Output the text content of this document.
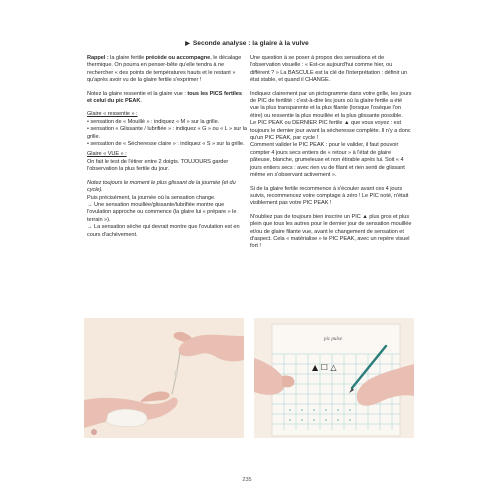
▶ Seconde analyse : la glaire à la vulve

Rappel : la glaire fertile précède ou accompagne, le décalage thermique. On pourra en penser-bête qu'elle tendra à ne rechercher « des points de températures hauts et le restant » qu'après avoir vu de la glaire fertile s'exprimer !

Notez la glaire ressentie et la glaire vue : tous les PICS fertiles et celui du pic PEAK.

Glaire « ressentie » :
• sensation de « Mouillé » : indiquez « M » sur la grille.
• sensation « Glissante / lubrifiée » : indiquez « G » ou « L » sur la grille.
• sensation de « Sécheresse claire » : indiquez « S » sur la grille.

Glaire « VUE » :
On fait le test de l'étirer entre 2 doigts. TOUJOURS garder l'observation la plus fertile du jour.

Notez toujours le moment le plus glissant de la journée (et du cycle).
Puis précisément, la journée où la sensation change.
→ Une sensation mouillée/glissante/lubrifiée montre que l'ovulation approche ou commence (la glaire lui « prépare » le terrain »).
→ La sensation sèche qui devrait montre que l'ovulation est en cours d'achèvement.

Une question à se poser à propos des sensations et de l'observation visuelle : « Est-ce aujourd'hui comme hier, ou différent ? » La BASCULE est la clé de l'interprétation : définir un état stable, et quand il CHANGE.

Indiquez clairement par un pictogramme dans votre grille, les jours de PIC de fertilité : c'est-à-dire les jours où la glaire fertile a été vue la plus transparente et la plus filante (lorsque l'oséque l'on étire) ou ressentie la plus mouillée et la plus glissante possible.

Le PIC PEAK ou DERNIER PIC fertile ▲ que vous voyez : est toujours le dernier jour avant la sécheresse complète. Il n'y a donc qu'un PIC PEAK, par cycle !

Comment valider le PIC PEAK : pour le valider, il faut pouvoir compter 4 jours secs entiers de « retour » à l'état de glaire pâteuse, blanche, grumeleuse et non étirable après lui. Soit « 4 jours entiers secs : avec rien vu de filant et rien senti de glissant même en s'observant activement ».

Si de la glaire fertile recommence à s'écouler avant ces 4 jours suivis, recommencez votre comptage à zéro ! Le PIC noté, n'était visiblement pas votre PIC PEAK !

N'oubliez pas de toujours bien inscrire un PIC ▲ plus gros et plus plein que tous les autres pour le dernier jour de sensation mouillée et/ou de glaire filante vue, avant le changement de sensation et d'aspect. Cela « matérialise » le PIC PEAK, avec un repère visuel fort !

pic pulse
▲ ☐ △
235
